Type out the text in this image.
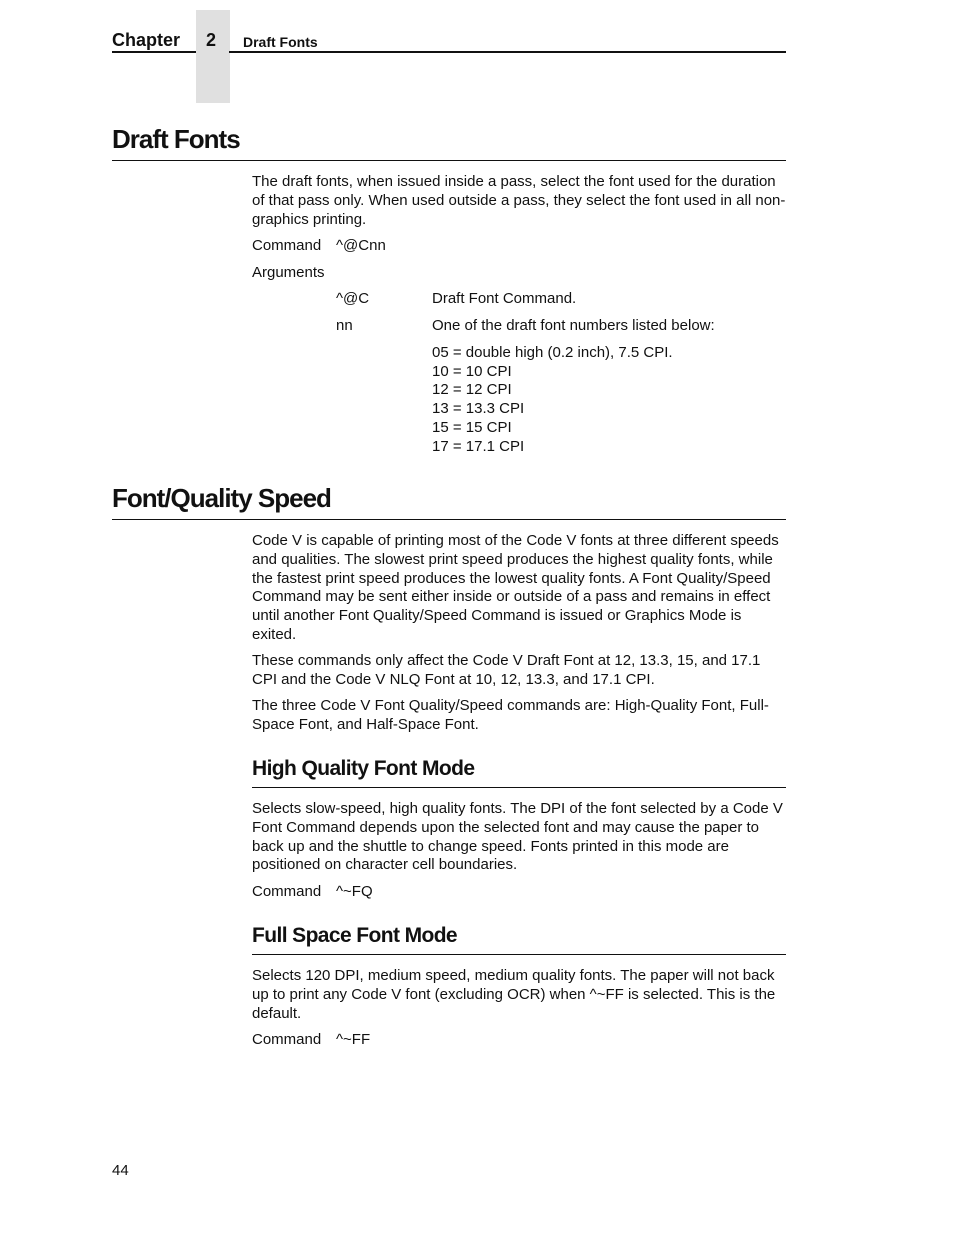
Chapter	2	Draft Fonts
Draft Fonts

The draft fonts, when issued inside a pass, select the font used for the duration of that pass only. When used outside a pass, they select the font used in all non-graphics printing.

Command ^@Cnn
Arguments
^@C	Draft Font Command.
nn	One of the draft font numbers listed below:
05 = double high (0.2 inch), 7.5 CPI.
10 = 10 CPI
12 = 12 CPI
13 = 13.3 CPI
15 = 15 CPI
17 = 17.1 CPI
Font/Quality Speed

Code V is capable of printing most of the Code V fonts at three different speeds and qualities. The slowest print speed produces the highest quality fonts, while the fastest print speed produces the lowest quality fonts. A Font Quality/Speed Command may be sent either inside or outside of a pass and remains in effect until another Font Quality/Speed Command is issued or Graphics Mode is exited.

These commands only affect the Code V Draft Font at 12, 13.3, 15, and 17.1 CPI and the Code V NLQ Font at 10, 12, 13.3, and 17.1 CPI.

The three Code V Font Quality/Speed commands are: High-Quality Font, Full-Space Font, and Half-Space Font.

High Quality Font Mode

Selects slow-speed, high quality fonts. The DPI of the font selected by a Code V Font Command depends upon the selected font and may cause the paper to back up and the shuttle to change speed. Fonts printed in this mode are positioned on character cell boundaries.

Command ^~FQ
Full Space Font Mode

Selects 120 DPI, medium speed, medium quality fonts. The paper will not back up to print any Code V font (excluding OCR) when ^~FF is selected. This is the default.

Command ^~FF
44
